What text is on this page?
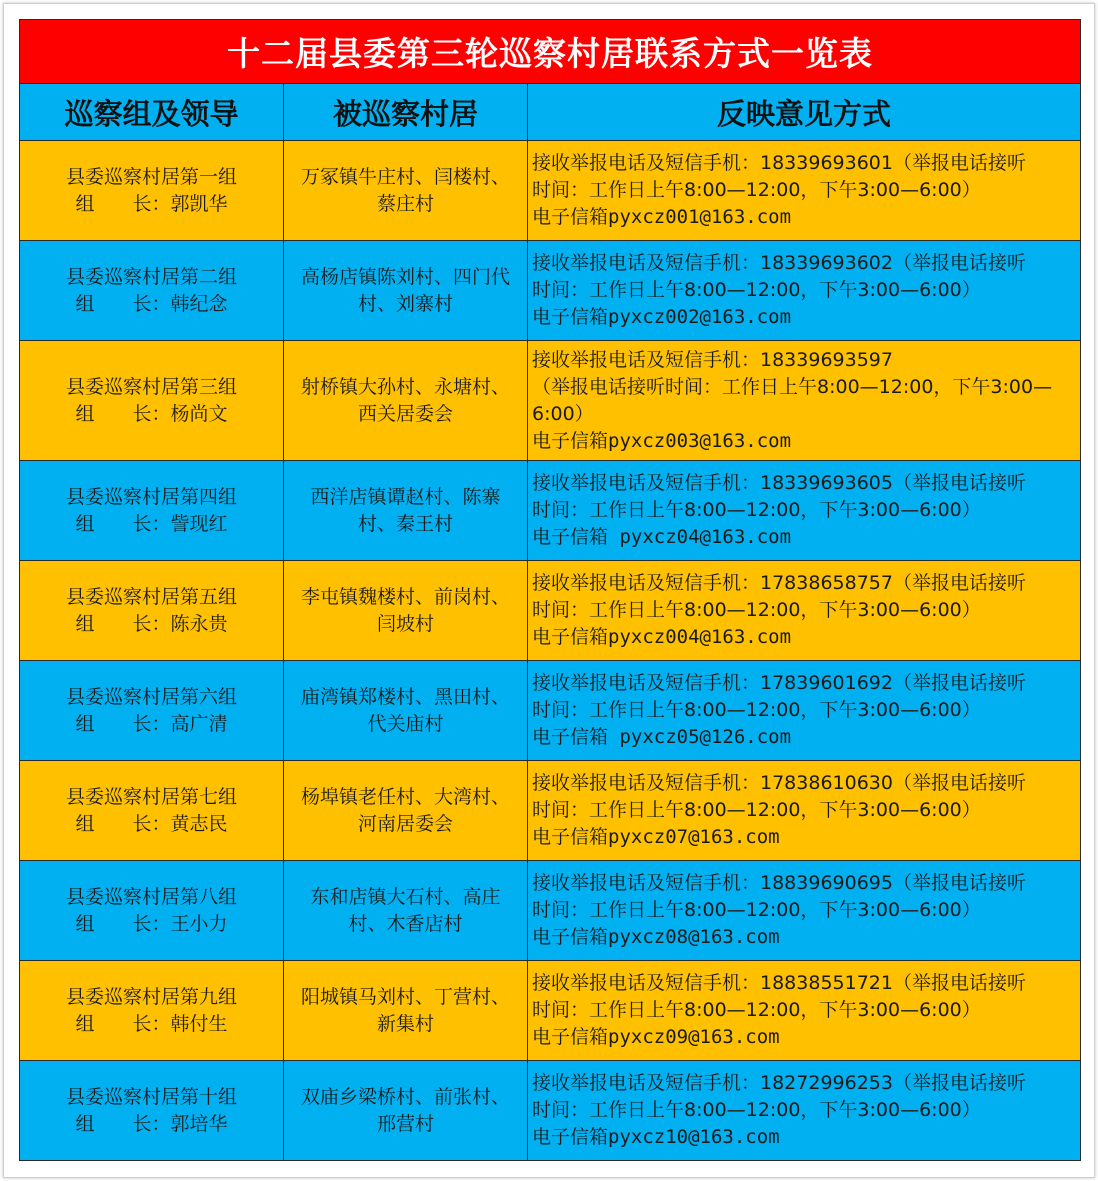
十二届县委第三轮巡察村居联系方式一览表		
巡察组及领导	被巡察村居	反映意见方式

县委巡察村居第一组
组　　长：郭凯华	万冢镇牛庄村、闫楼村、蔡庄村	接收举报电话及短信手机：18339693601（举报电话接听
时间：工作日上午8:00—12:00，下午3:00—6:00）
电子信箱pyxcz001@163.com

县委巡察村居第二组
组　　长：韩纪念	高杨店镇陈刘村、四门代村、刘寨村	接收举报电话及短信手机：18339693602（举报电话接听
时间：工作日上午8:00—12:00，下午3:00—6:00）
电子信箱pyxcz002@163.com

县委巡察村居第三组
组　　长：杨尚文	射桥镇大孙村、永塘村、西关居委会	接收举报电话及短信手机：18339693597
（举报电话接听时间：工作日上午8:00—12:00，下午3:00—6:00）
电子信箱pyxcz003@163.com

县委巡察村居第四组
组　　长：訾现红	西洋店镇谭赵村、陈寨村、秦王村	接收举报电话及短信手机：18339693605（举报电话接听
时间：工作日上午8:00—12:00，下午3:00—6:00）
电子信箱 pyxcz04@163.com

县委巡察村居第五组
组　　长：陈永贵	李屯镇魏楼村、前岗村、闫坡村	接收举报电话及短信手机：17838658757（举报电话接听
时间：工作日上午8:00—12:00，下午3:00—6:00）
电子信箱pyxcz004@163.com

县委巡察村居第六组
组　　长：高广清	庙湾镇郑楼村、黑田村、代关庙村	接收举报电话及短信手机：17839601692（举报电话接听
时间：工作日上午8:00—12:00，下午3:00—6:00）
电子信箱 pyxcz05@126.com

县委巡察村居第七组
组　　长：黄志民	杨埠镇老任村、大湾村、河南居委会	接收举报电话及短信手机：17838610630（举报电话接听
时间：工作日上午8:00—12:00，下午3:00—6:00）
电子信箱pyxcz07@163.com

县委巡察村居第八组
组　　长：王小力	东和店镇大石村、高庄村、木香店村	接收举报电话及短信手机：18839690695（举报电话接听
时间：工作日上午8:00—12:00，下午3:00—6:00）
电子信箱pyxcz08@163.com

县委巡察村居第九组
组　　长：韩付生	阳城镇马刘村、丁营村、新集村	接收举报电话及短信手机：18838551721（举报电话接听
时间：工作日上午8:00—12:00，下午3:00—6:00）
电子信箱pyxcz09@163.com

县委巡察村居第十组
组　　长：郭培华	双庙乡梁桥村、前张村、邢营村	接收举报电话及短信手机：18272996253（举报电话接听
时间：工作日上午8:00—12:00，下午3:00—6:00）
电子信箱pyxcz10@163.com
